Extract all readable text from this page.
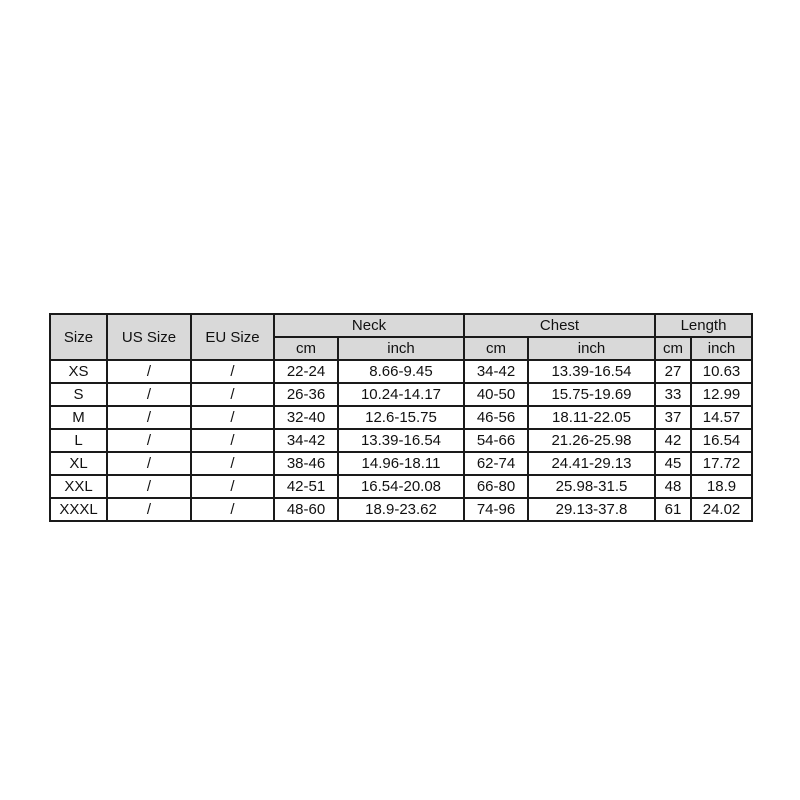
Size	US Size	EU Size	Neck		Chest		Length	
			cm	inch	cm	inch	cm	inch
XS	/	/	22-24	8.66-9.45	34-42	13.39-16.54	27	10.63
S	/	/	26-36	10.24-14.17	40-50	15.75-19.69	33	12.99
M	/	/	32-40	12.6-15.75	46-56	18.11-22.05	37	14.57
L	/	/	34-42	13.39-16.54	54-66	21.26-25.98	42	16.54
XL	/	/	38-46	14.96-18.11	62-74	24.41-29.13	45	17.72
XXL	/	/	42-51	16.54-20.08	66-80	25.98-31.5	48	18.9
XXXL	/	/	48-60	18.9-23.62	74-96	29.13-37.8	61	24.02
